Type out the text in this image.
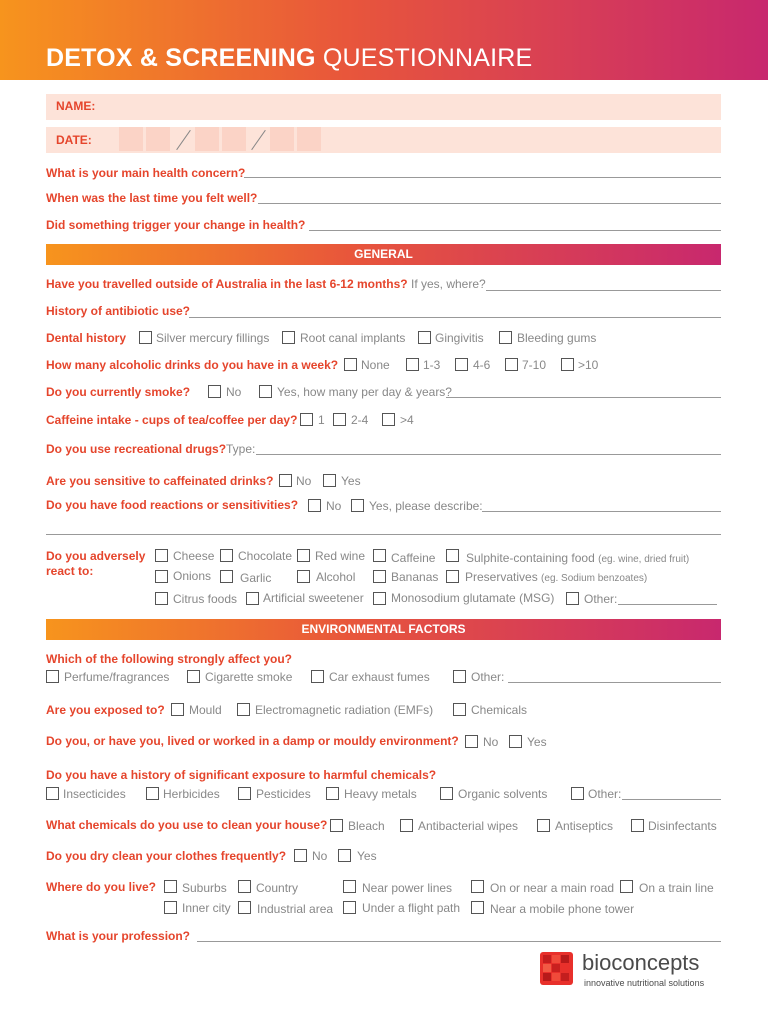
DETOX & SCREENING QUESTIONNAIRE
NAME:
DATE:
What is your main health concern?
When was the last time you felt well?
Did something trigger your change in health?
GENERAL
Have you travelled outside of Australia in the last 6-12 months? If yes, where?
History of antibiotic use?
Dental history Silver mercury fillings	Root canal implants Gingivitis	Bleeding gums
How many alcoholic drinks do you have in a week? None	1-3	4-6	7-10	>10
Do you currently smoke?	No	Yes, how many per day & years?
Caffeine intake - cups of tea/coffee per day? 1 2-4	>4
Do you use recreational drugs? Type:
Are you sensitive to caffeinated drinks? No Yes
Do you have food reactions or sensitivities? No Yes, please describe:
Do you adversely
react to:
Cheese Chocolate Red wine Caffeine	Sulphite-containing food (eg. wine, dried fruit)
Onions Garlic	Alcohol	Bananas Preservatives (eg. Sodium benzoates)
Citrus foods Artificial sweetener Monosodium glutamate (MSG) Other:
ENVIRONMENTAL FACTORS
Which of the following strongly affect you?
Perfume/fragrances	Cigarette smoke	Car exhaust fumes	Other:
Are you exposed to? Mould	Electromagnetic radiation (EMFs)	Chemicals
Do you, or have you, lived or worked in a damp or mouldy environment? No Yes
Do you have a history of significant exposure to harmful chemicals?
Insecticides	Herbicides	Pesticides	Heavy metals	Organic solvents	Other:
What chemicals do you use to clean your house? Bleach	Antibacterial wipes	Antiseptics	Disinfectants
Do you dry clean your clothes frequently? No Yes
Where do you live? Suburbs Country	Near power lines	On or near a main road On a train line
Inner city Industrial area Under a flight path Near a mobile phone tower
What is your profession?
bioconcepts
innovative nutritional solutions
